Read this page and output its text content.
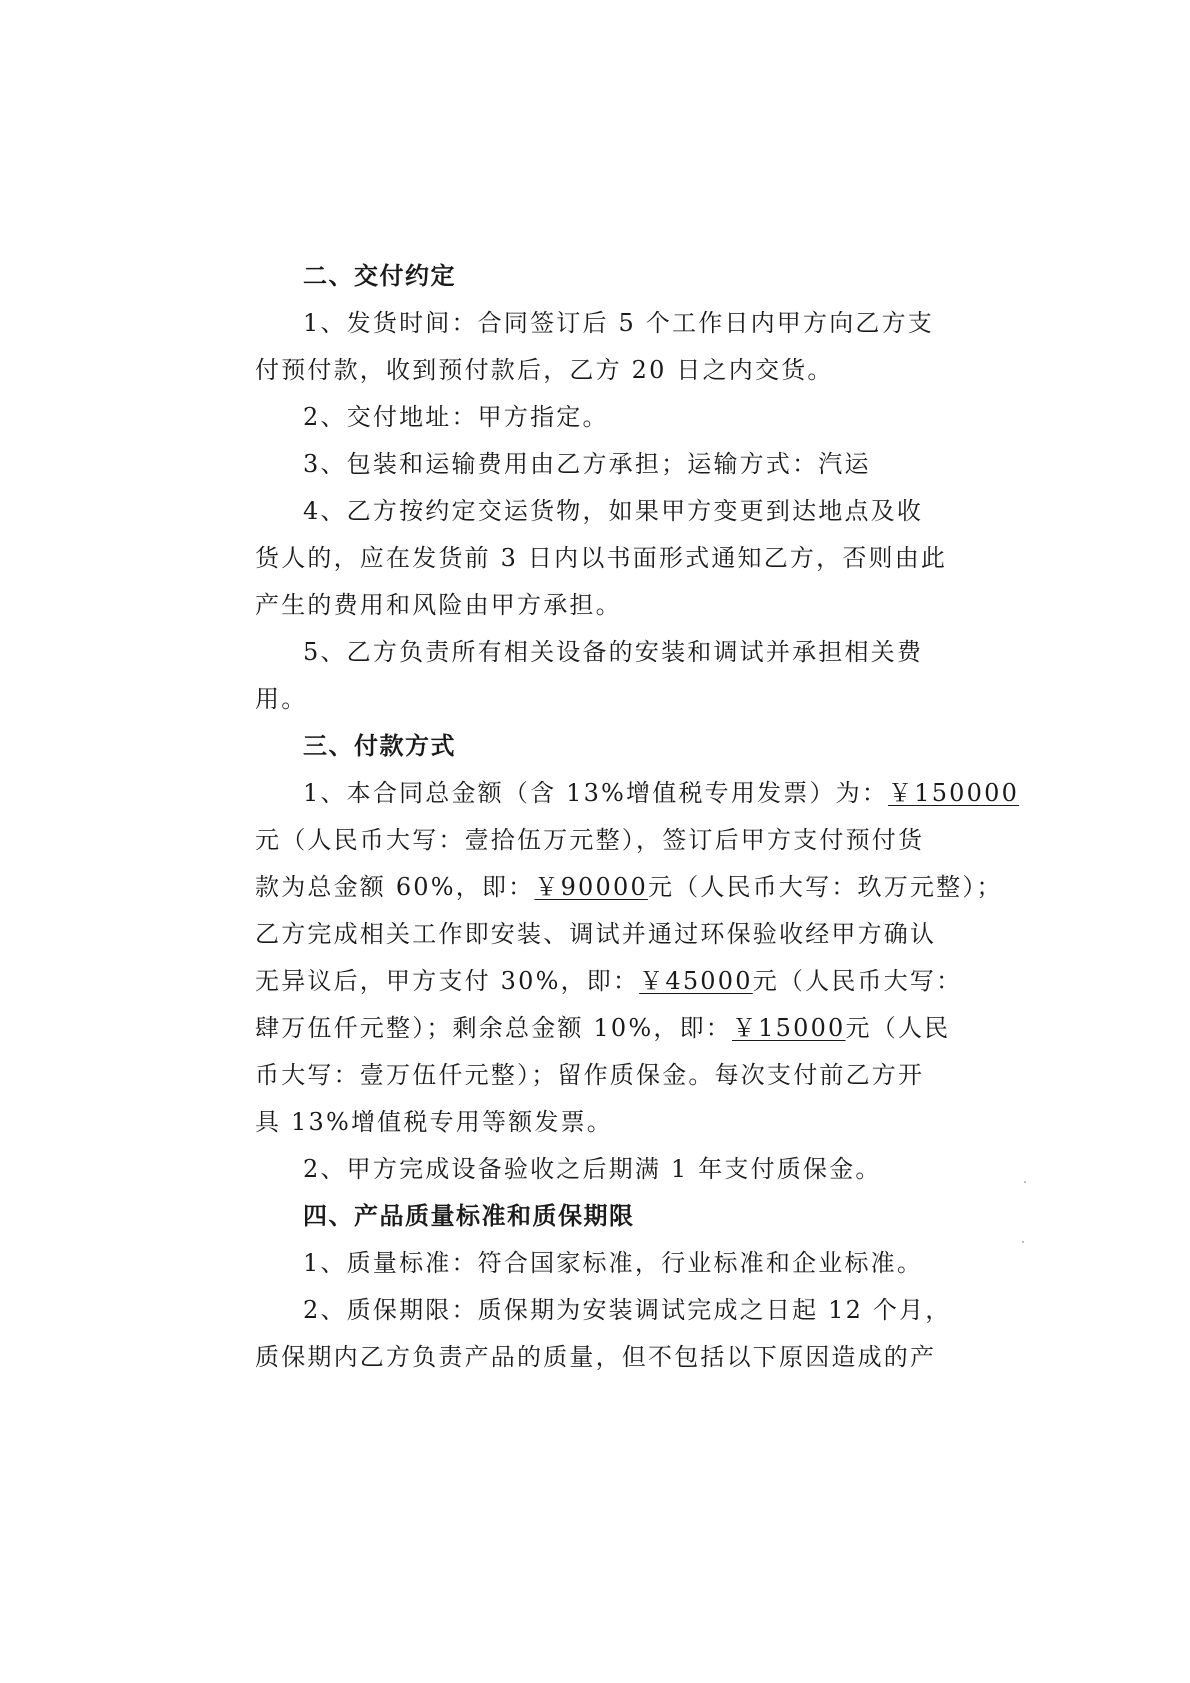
二、交付约定
1、发货时间：合同签订后 5 个工作日内甲方向乙方支
付预付款，收到预付款后，乙方 20 日之内交货。
2、交付地址：甲方指定。
3、包装和运输费用由乙方承担；运输方式：汽运
4、乙方按约定交运货物，如果甲方变更到达地点及收
货人的，应在发货前 3 日内以书面形式通知乙方，否则由此
产生的费用和风险由甲方承担。
5、乙方负责所有相关设备的安装和调试并承担相关费
用。
三、付款方式
1、本合同总金额（含 13%增值税专用发票）为：￥150000
元（人民币大写：壹拾伍万元整），签订后甲方支付预付货
款为总金额 60%，即：￥90000元（人民币大写：玖万元整）；
乙方完成相关工作即安装、调试并通过环保验收经甲方确认
无异议后，甲方支付 30%，即：￥45000元（人民币大写：
肆万伍仟元整）；剩余总金额 10%，即：￥15000元（人民
币大写：壹万伍仟元整）；留作质保金。每次支付前乙方开
具 13%增值税专用等额发票。
2、甲方完成设备验收之后期满 1 年支付质保金。
四、产品质量标准和质保期限
1、质量标准：符合国家标准，行业标准和企业标准。
2、质保期限：质保期为安装调试完成之日起 12 个月，
质保期内乙方负责产品的质量，但不包括以下原因造成的产
